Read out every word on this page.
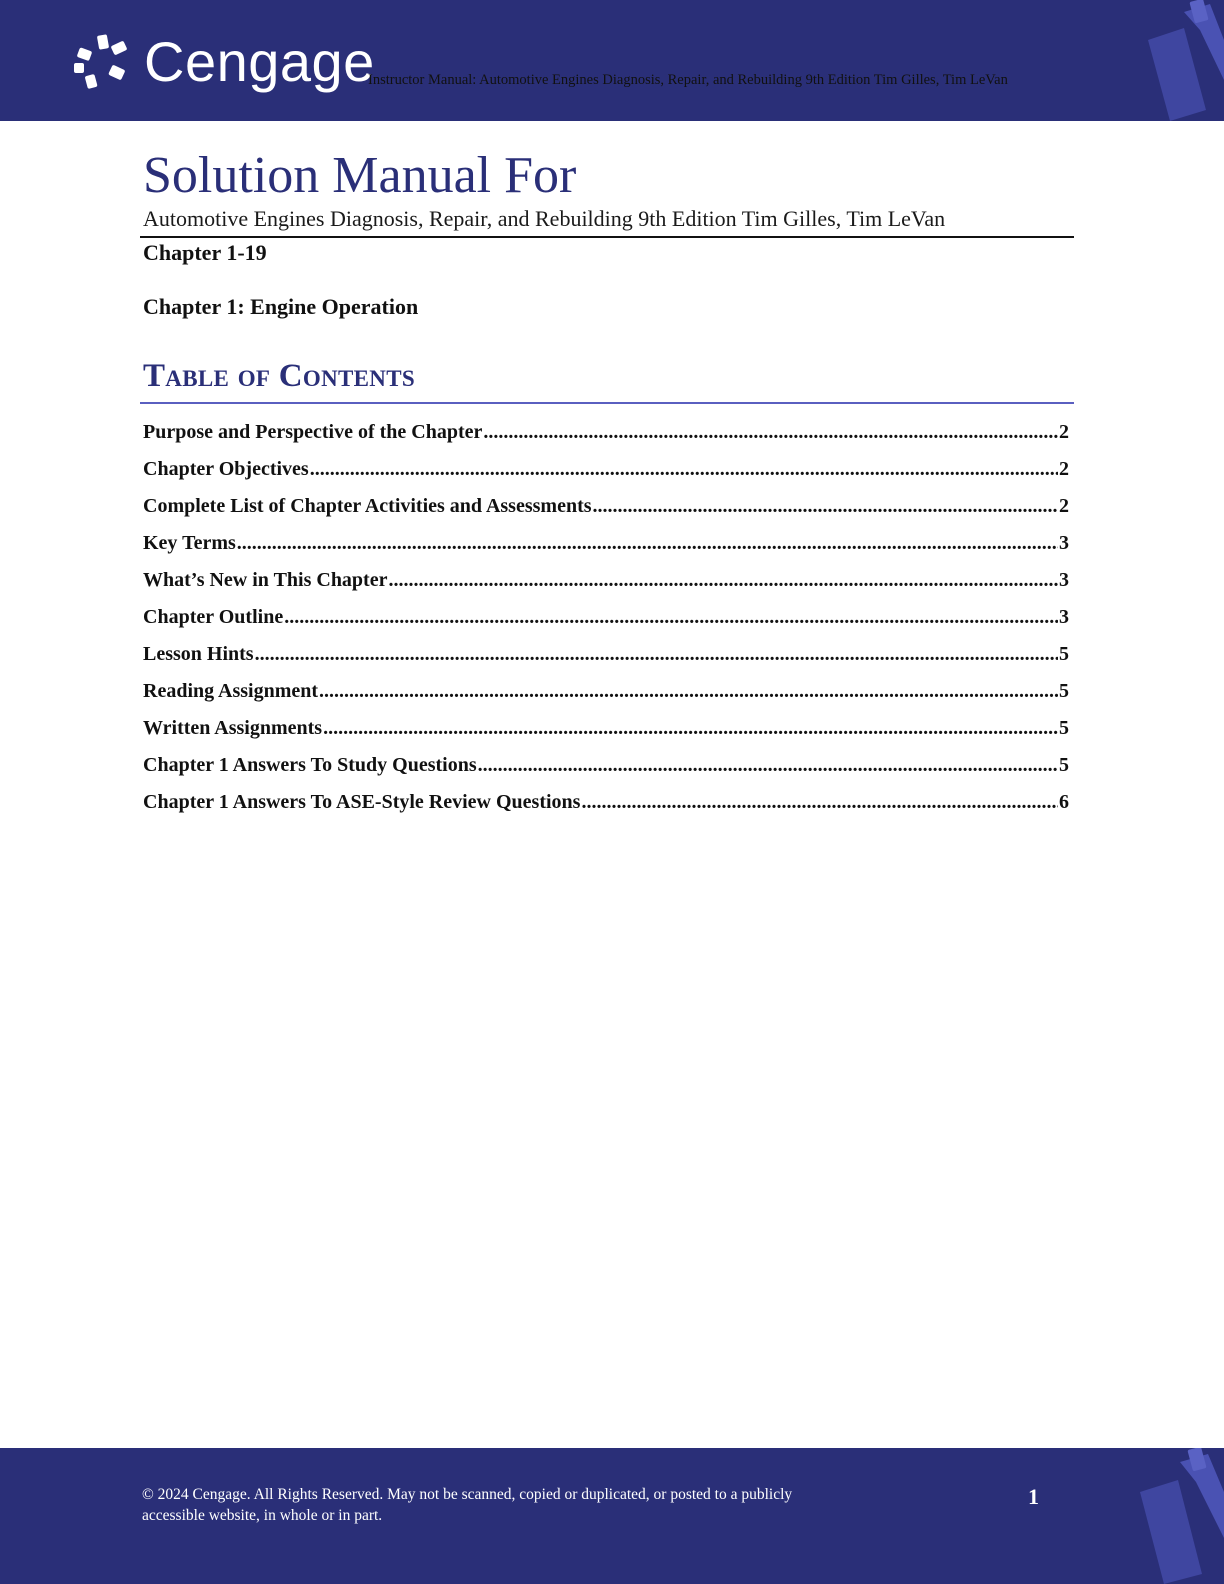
Cengage
Instructor Manual: Automotive Engines Diagnosis, Repair, and Rebuilding 9th Edition Tim Gilles, Tim LeVan
Solution Manual For
Automotive Engines Diagnosis, Repair, and Rebuilding 9th Edition Tim Gilles, Tim LeVan
Chapter 1-19
Chapter 1: Engine Operation
Table of Contents
Purpose and Perspective of the Chapter .....	2
Chapter Objectives .....	2
Complete List of Chapter Activities and Assessments .....	2
Key Terms .....	3
What’s New in This Chapter .....	3
Chapter Outline .....	3
Lesson Hints .....	5
Reading Assignment .....	5
Written Assignments .....	5
Chapter 1 Answers To Study Questions .....	5
Chapter 1 Answers To ASE-Style Review Questions .....	6
© 2024 Cengage. All Rights Reserved. May not be scanned, copied or duplicated, or posted to a publicly accessible website, in whole or in part.
1
